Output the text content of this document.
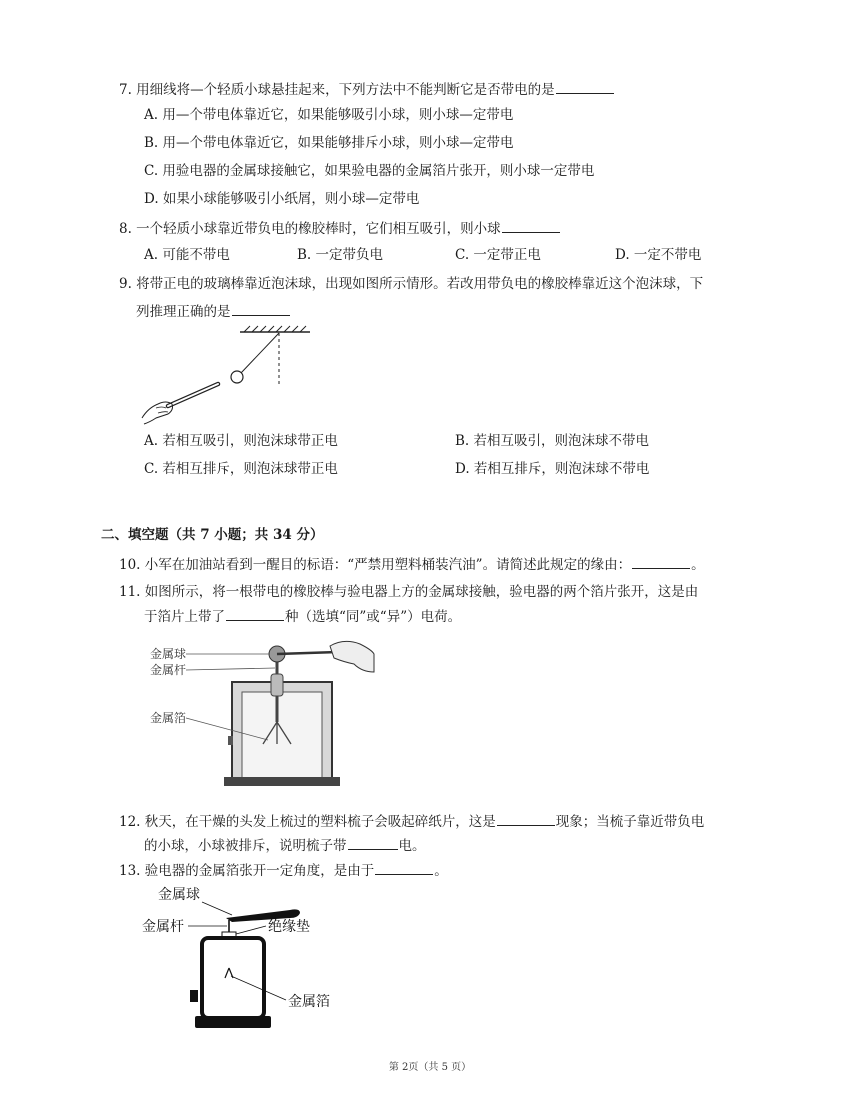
7. 用细线将—个轻质小球悬挂起来，下列方法中不能判断它是否带电的是
A. 用—个带电体靠近它，如果能够吸引小球，则小球—定带电
B. 用—个带电体靠近它，如果能够排斥小球，则小球—定带电
C. 用验电器的金属球接触它，如果验电器的金属箔片张开，则小球一定带电
D. 如果小球能够吸引小纸屑，则小球—定带电
8. 一个轻质小球靠近带负电的橡胶棒时，它们相互吸引，则小球
A. 可能不带电	B. 一定带负电	C. 一定带正电	D. 一定不带电
9. 将带正电的玻璃棒靠近泡沫球，出现如图所示情形。若改用带负电的橡胶棒靠近这个泡沫球，下
列推理正确的是
A. 若相互吸引，则泡沫球带正电	B. 若相互吸引，则泡沫球不带电
C. 若相互排斥，则泡沫球带正电	D. 若相互排斥，则泡沫球不带电
二、填空题（共 7 小题；共 34 分）
10. 小军在加油站看到一醒目的标语：“严禁用塑料桶装汽油”。请简述此规定的缘由：	。
11. 如图所示，将一根带电的橡胶棒与验电器上方的金属球接触，验电器的两个箔片张开，这是由
于箔片上带了	种（选填“同”或“异”）电荷。
金属球
金属杆
金属箔
12. 秋天，在干燥的头发上梳过的塑料梳子会吸起碎纸片，这是	现象；当梳子靠近带负电
的小球，小球被排斥，说明梳子带	电。
13. 验电器的金属箔张开一定角度，是由于	。
金属球
金属杆	绝缘垫
金属箔
第 2页（共 5 页）
